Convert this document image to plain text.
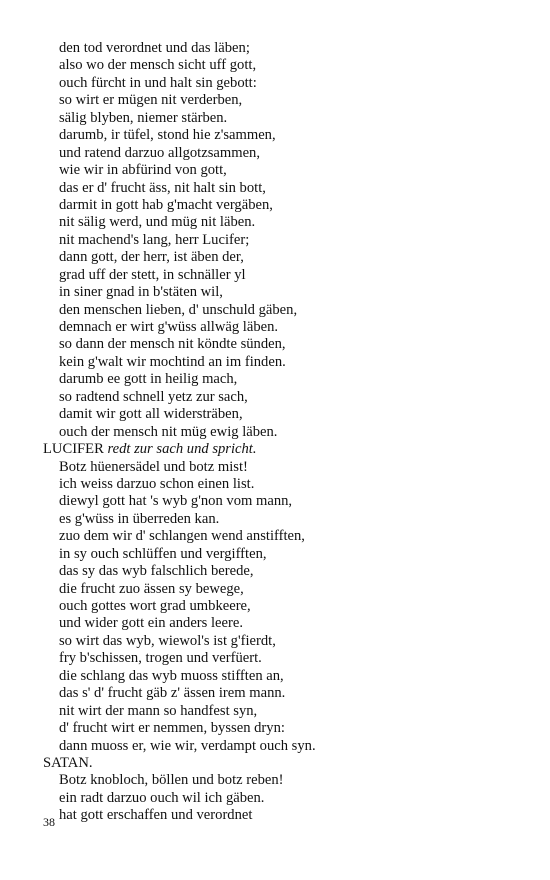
den tod verordnet und das läben;
also wo der mensch sicht uff gott,
ouch fürcht in und halt sin gebott:
so wirt er mügen nit verderben,
sälig blyben, niemer stärben.
darumb, ir tüfel, stond hie z'sammen,
und ratend darzuo allgotzsammen,
wie wir in abfürind von gott,
das er d' frucht äss, nit halt sin bott,
darmit in gott hab g'macht vergäben,
nit sälig werd, und müg nit läben.
nit machend's lang, herr Lucifer;
dann gott, der herr, ist äben der,
grad uff der stett, in schnäller yl
in siner gnad in b'stäten wil,
den menschen lieben, d' unschuld gäben,
demnach er wirt g'wüss allwäg läben.
so dann der mensch nit köndte sünden,
kein g'walt wir mochtind an im finden.
darumb ee gott in heilig mach,
so radtend schnell yetz zur sach,
damit wir gott all widersträben,
ouch der mensch nit müg ewig läben.
LUCIFER redt zur sach und spricht.
Botz hüenersädel und botz mist!
ich weiss darzuo schon einen list.
diewyl gott hat 's wyb g'non vom mann,
es g'wüss in überreden kan.
zuo dem wir d' schlangen wend anstifften,
in sy ouch schlüffen und vergifften,
das sy das wyb falschlich berede,
die frucht zuo ässen sy bewege,
ouch gottes wort grad umbkeere,
und wider gott ein anders leere.
so wirt das wyb, wiewol's ist g'fierdt,
fry b'schissen, trogen und verfüert.
die schlang das wyb muoss stifften an,
das s' d' frucht gäb z' ässen irem mann.
nit wirt der mann so handfest syn,
d' frucht wirt er nemmen, byssen dryn:
dann muoss er, wie wir, verdampt ouch syn.
SATAN.
Botz knobloch, böllen und botz reben!
ein radt darzuo ouch wil ich gäben.
hat gott erschaffen und verordnet
38
